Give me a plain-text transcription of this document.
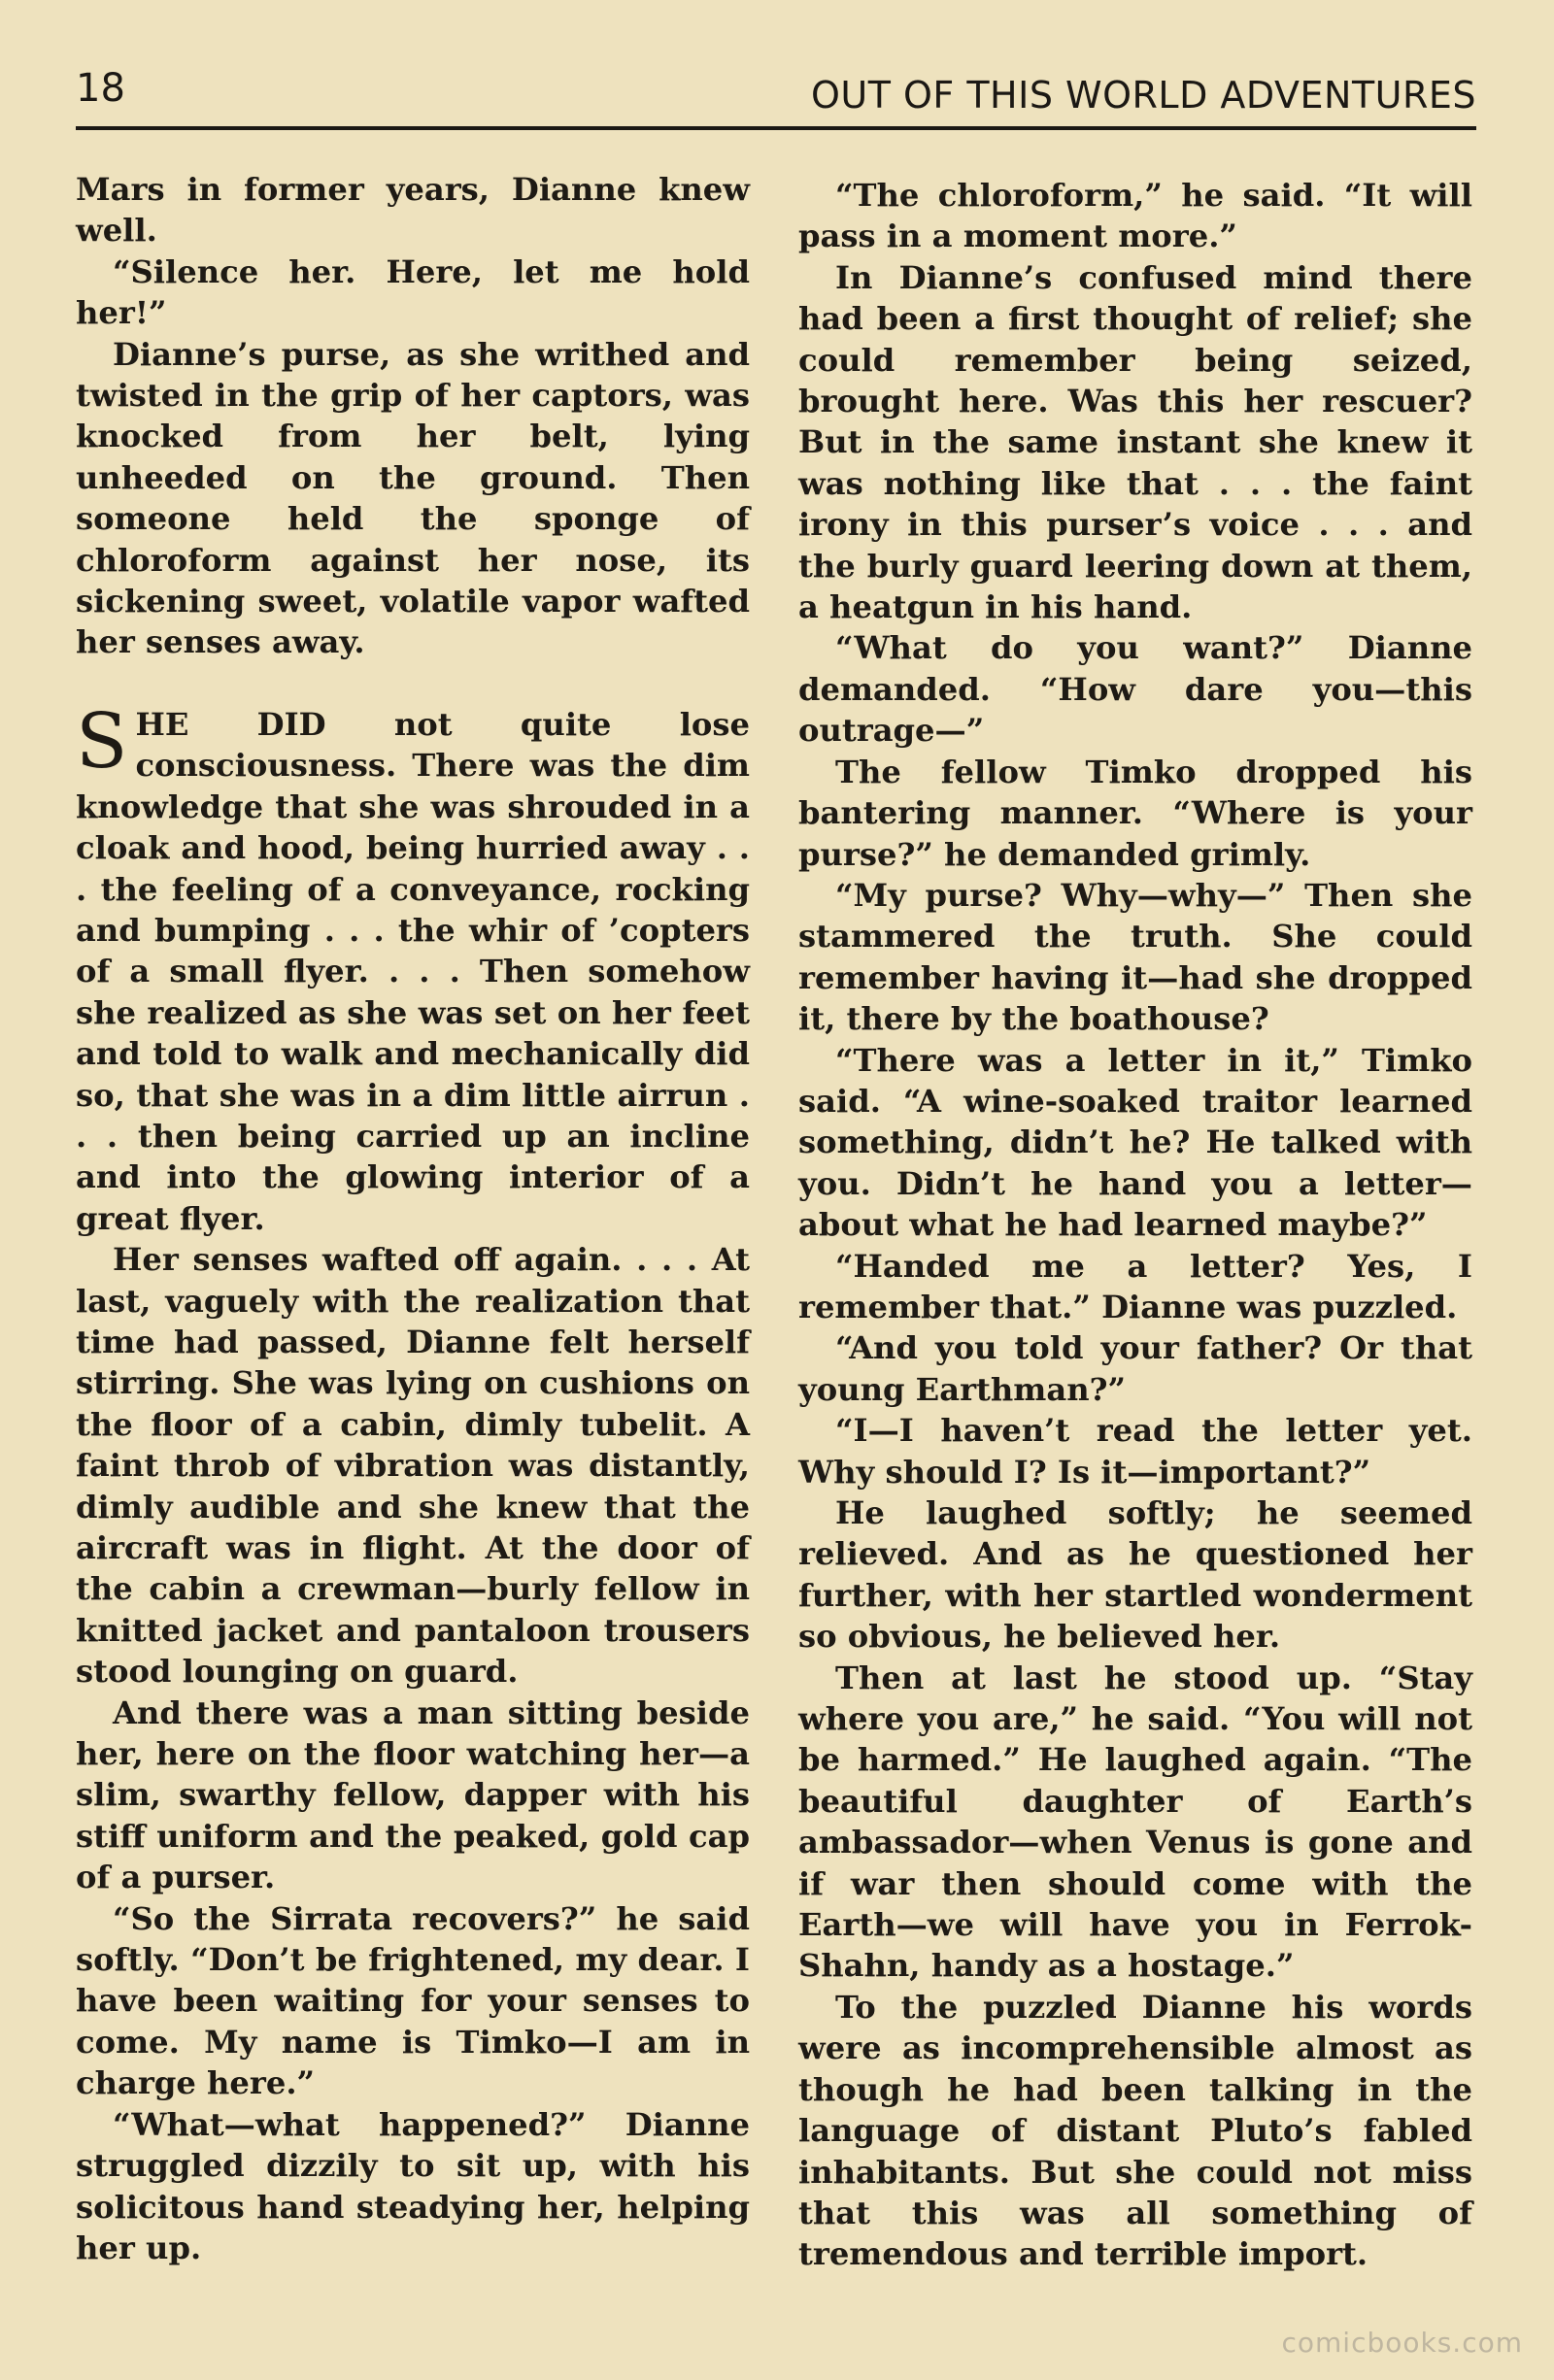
18	OUT OF THIS WORLD ADVENTURES

Mars in former years, Dianne knew well.

“Silence her. Here, let me hold her!”

Dianne’s purse, as she writhed and twisted in the grip of her captors, was knocked from her belt, lying unheeded on the ground. Then someone held the sponge of chloroform against her nose, its sickening sweet, volatile vapor wafted her senses away.

SHE DID not quite lose consciousness. There was the dim knowledge that she was shrouded in a cloak and hood, being hurried away . . . the feeling of a conveyance, rocking and bumping . . . the whir of ’copters of a small flyer. . . . Then somehow she realized as she was set on her feet and told to walk and mechanically did so, that she was in a dim little airrun . . . then being carried up an incline and into the glowing interior of a great flyer.

Her senses wafted off again. . . . At last, vaguely with the realization that time had passed, Dianne felt herself stirring. She was lying on cushions on the floor of a cabin, dimly tubelit. A faint throb of vibration was distantly, dimly audible and she knew that the aircraft was in flight. At the door of the cabin a crewman—burly fellow in knitted jacket and pantaloon trousers stood lounging on guard.

And there was a man sitting beside her, here on the floor watching her—a slim, swarthy fellow, dapper with his stiff uniform and the peaked, gold cap of a purser.

“So the Sirrata recovers?” he said softly. “Don’t be frightened, my dear. I have been waiting for your senses to come. My name is Timko—I am in charge here.”

“What—what happened?” Dianne struggled dizzily to sit up, with his solicitous hand steadying her, helping her up.

“The chloroform,” he said. “It will pass in a moment more.”

In Dianne’s confused mind there had been a first thought of relief; she could remember being seized, brought here. Was this her rescuer? But in the same instant she knew it was nothing like that . . . the faint irony in this purser’s voice . . . and the burly guard leering down at them, a heatgun in his hand.

“What do you want?” Dianne demanded. “How dare you—this outrage—”

The fellow Timko dropped his bantering manner. “Where is your purse?” he demanded grimly.

“My purse? Why—why—” Then she stammered the truth. She could remember having it—had she dropped it, there by the boathouse?

“There was a letter in it,” Timko said. “A wine-soaked traitor learned something, didn’t he? He talked with you. Didn’t he hand you a letter—about what he had learned maybe?”

“Handed me a letter? Yes, I remember that.” Dianne was puzzled.

“And you told your father? Or that young Earthman?”

“I—I haven’t read the letter yet. Why should I? Is it—important?”

He laughed softly; he seemed relieved. And as he questioned her further, with her startled wonderment so obvious, he believed her.

Then at last he stood up. “Stay where you are,” he said. “You will not be harmed.” He laughed again. “The beautiful daughter of Earth’s ambassador—when Venus is gone and if war then should come with the Earth—we will have you in Ferrok-Shahn, handy as a hostage.”

To the puzzled Dianne his words were as incomprehensible almost as though he had been talking in the language of distant Pluto’s fabled inhabitants. But she could not miss that this was all something of tremendous and terrible import.

comicbooks.com
